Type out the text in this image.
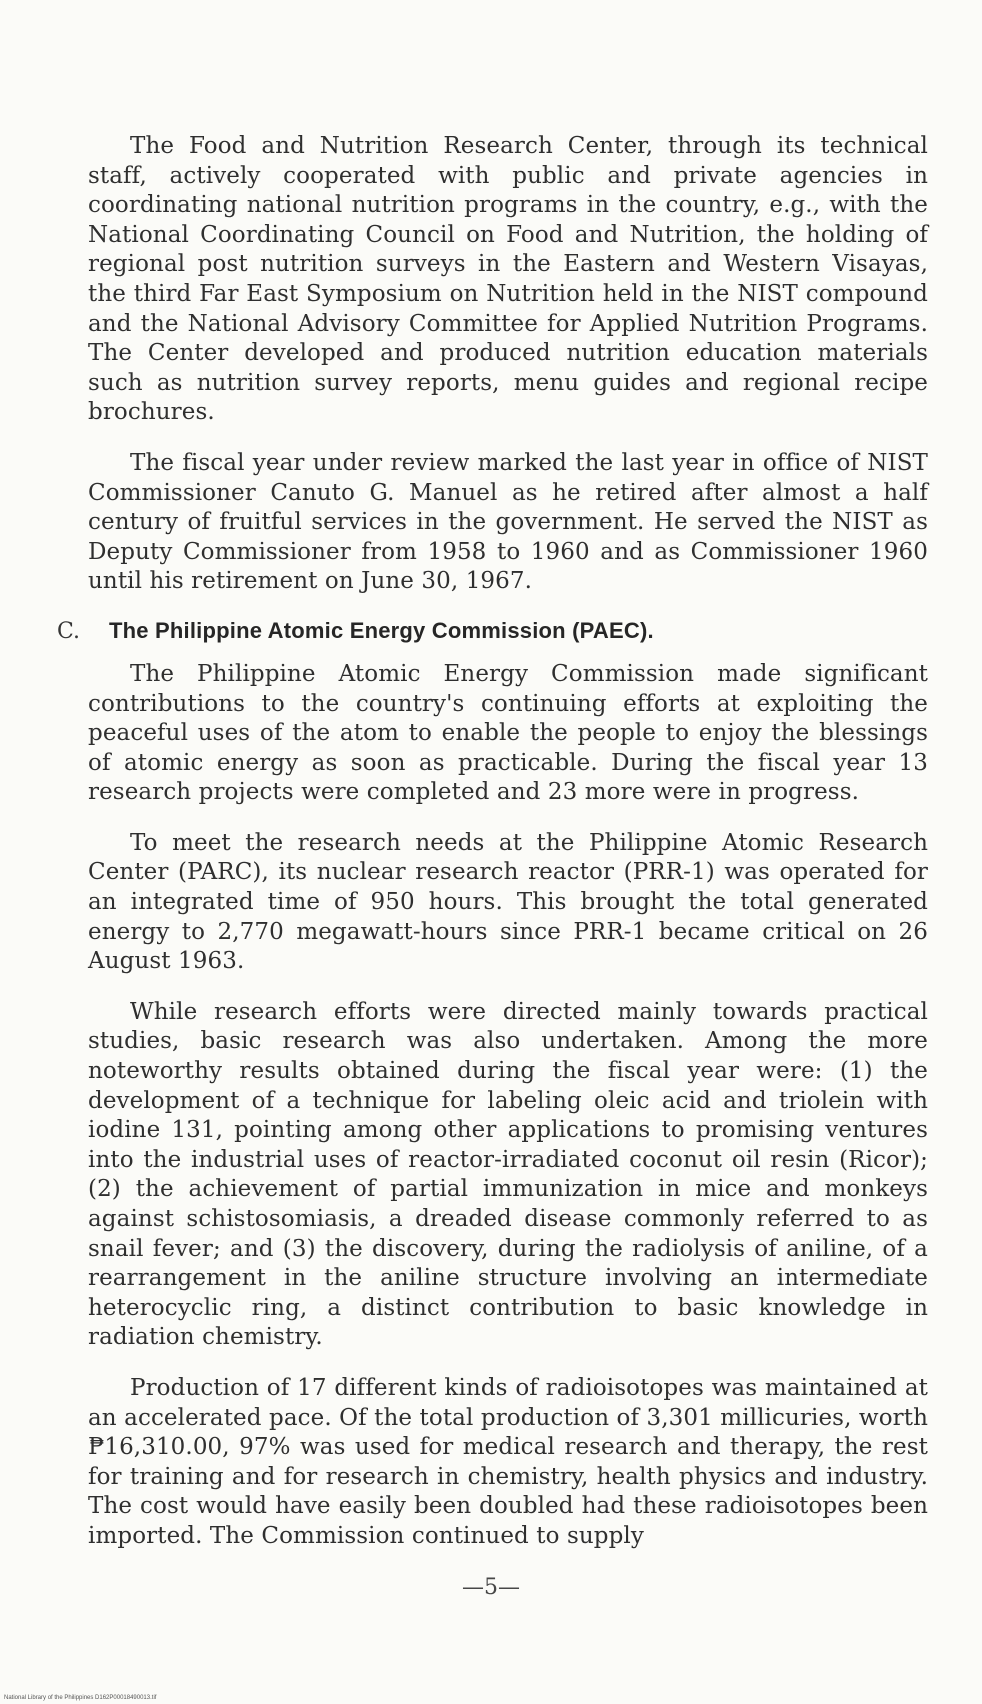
The Food and Nutrition Research Center, through its technical staff, actively cooperated with public and private agencies in coordinating national nutrition programs in the country, e.g., with the National Coordinating Council on Food and Nutrition, the holding of regional post nutrition surveys in the Eastern and Western Visayas, the third Far East Symposium on Nutrition held in the NIST compound and the National Advisory Committee for Applied Nutrition Programs. The Center developed and produced nutrition education materials such as nutrition survey reports, menu guides and regional recipe brochures.

The fiscal year under review marked the last year in office of NIST Commissioner Canuto G. Manuel as he retired after almost a half century of fruitful services in the government. He served the NIST as Deputy Commissioner from 1958 to 1960 and as Commissioner 1960 until his retirement on June 30, 1967.

C.	The Philippine Atomic Energy Commission (PAEC).

The Philippine Atomic Energy Commission made significant contributions to the country's continuing efforts at exploiting the peaceful uses of the atom to enable the people to enjoy the blessings of atomic energy as soon as practicable. During the fiscal year 13 research projects were completed and 23 more were in progress.

To meet the research needs at the Philippine Atomic Research Center (PARC), its nuclear research reactor (PRR-1) was operated for an integrated time of 950 hours. This brought the total generated energy to 2,770 megawatt-hours since PRR-1 became critical on 26 August 1963.

While research efforts were directed mainly towards practical studies, basic research was also undertaken. Among the more noteworthy results obtained during the fiscal year were: (1) the development of a technique for labeling oleic acid and triolein with iodine 131, pointing among other applications to promising ventures into the industrial uses of reactor-irradiated coconut oil resin (Ricor); (2) the achievement of partial immunization in mice and monkeys against schistosomiasis, a dreaded disease commonly referred to as snail fever; and (3) the discovery, during the radiolysis of aniline, of a rearrangement in the aniline structure involving an intermediate heterocyclic ring, a distinct contribution to basic knowledge in radiation chemistry.

Production of 17 different kinds of radioisotopes was maintained at an accelerated pace. Of the total production of 3,301 millicuries, worth ₱16,310.00, 97% was used for medical research and therapy, the rest for training and for research in chemistry, health physics and industry. The cost would have easily been doubled had these radioisotopes been imported. The Commission continued to supply

—5—
National Library of the Philippines D162P00018490013.tif
